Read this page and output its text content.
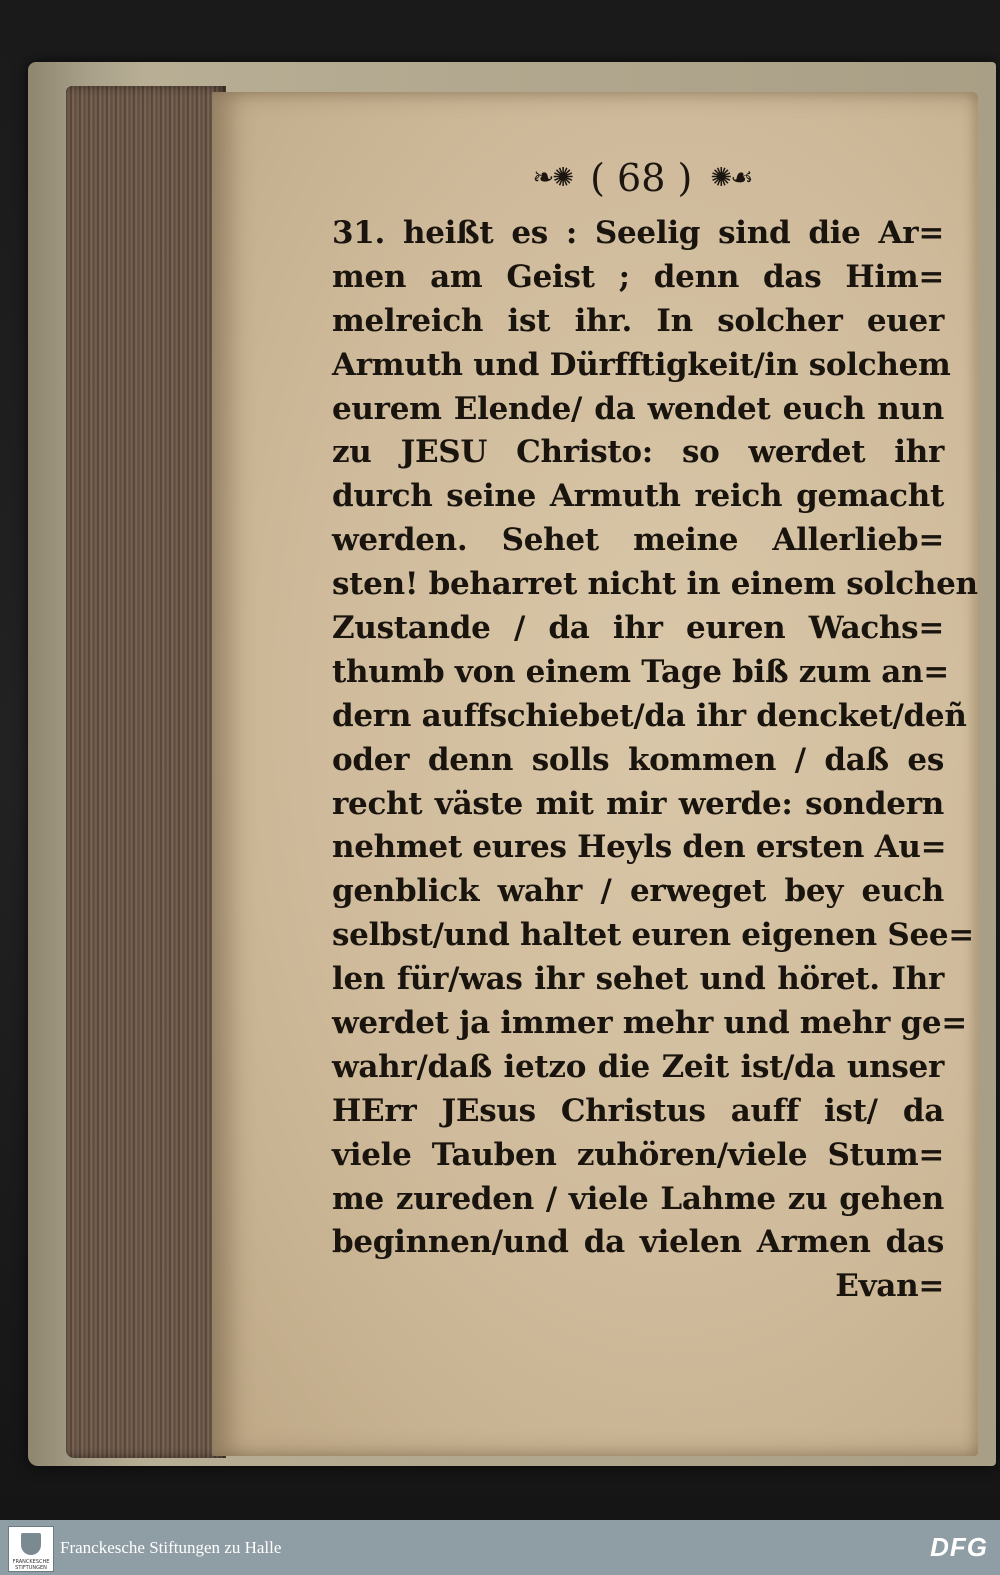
❧✺ ( 68 ) ✺☙
31. heißt es : Seelig sind die Ar=
men am Geist ; denn das Him=
melreich ist ihr. In solcher euer
Armuth und Dürfftigkeit/in solchem
eurem Elende/ da wendet euch nun
zu JESU Christo: so werdet ihr
durch seine Armuth reich gemacht
werden. Sehet meine Allerlieb=
sten! beharret nicht in einem solchen
Zustande / da ihr euren Wachs=
thumb von einem Tage biß zum an=
dern auffschiebet/da ihr dencket/deñ
oder denn solls kommen / daß es
recht väste mit mir werde: sondern
nehmet eures Heyls den ersten Au=
genblick wahr / erweget bey euch
selbst/und haltet euren eigenen See=
len für/was ihr sehet und höret. Ihr
werdet ja immer mehr und mehr ge=
wahr/daß ietzo die Zeit ist/da unser
HErr JEsus Christus auff ist/ da
viele Tauben zuhören/viele Stum=
me zureden / viele Lahme zu gehen
beginnen/und da vielen Armen das
Evan=
FRANCKESCHE STIFTUNGEN
Franckesche Stiftungen zu Halle	DFG
